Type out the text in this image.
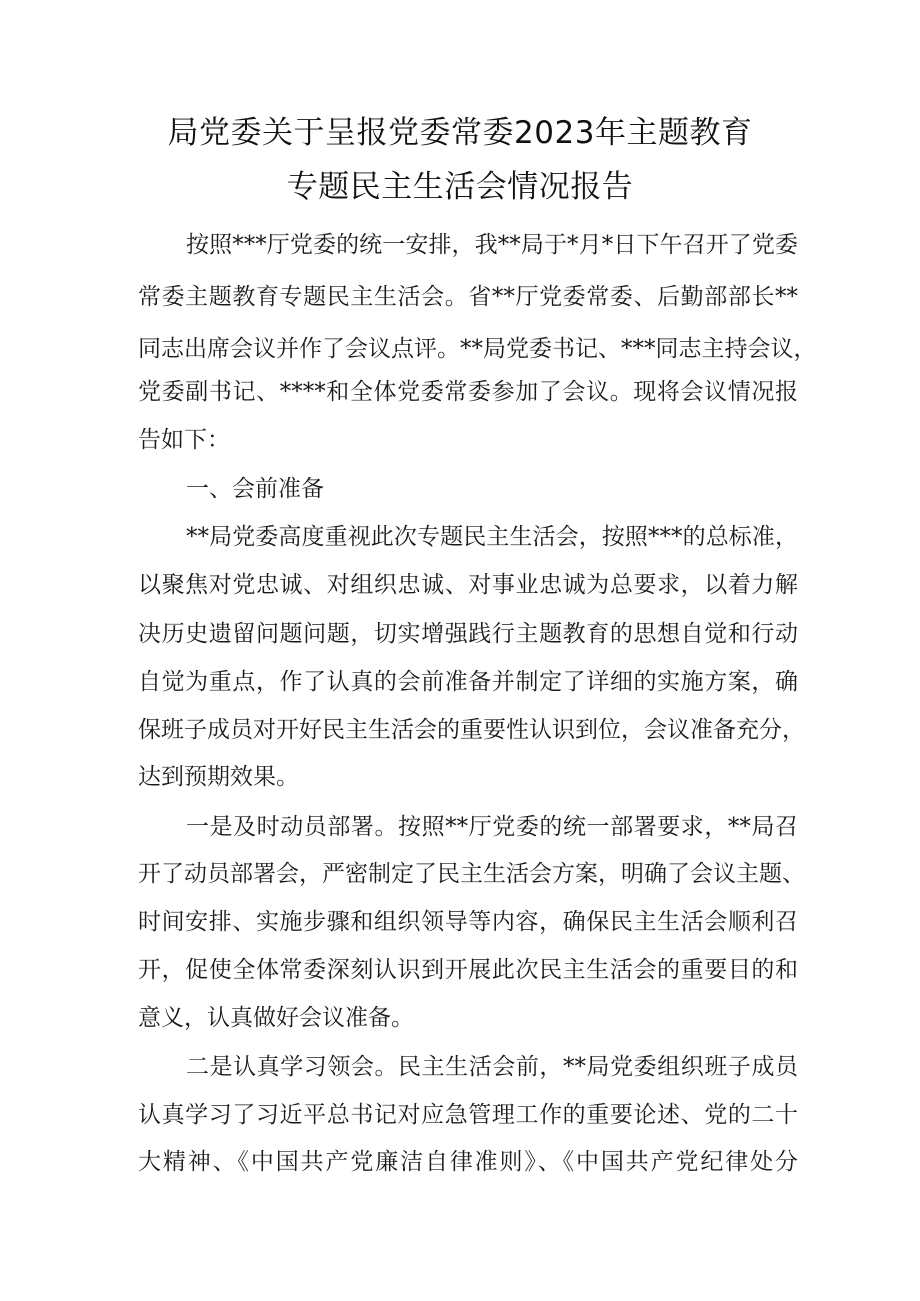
局党委关于呈报党委常委2023年主题教育
专题民主生活会情况报告
按照***厅党委的统一安排，我**局于*月*日下午召开了党委
常委主题教育专题民主生活会。省**厅党委常委、后勤部部长**
同志出席会议并作了会议点评。**局党委书记、***同志主持会议，
党委副书记、****和全体党委常委参加了会议。现将会议情况报
告如下：
一、会前准备
**局党委高度重视此次专题民主生活会，按照***的总标准，
以聚焦对党忠诚、对组织忠诚、对事业忠诚为总要求，以着力解
决历史遗留问题问题，切实增强践行主题教育的思想自觉和行动
自觉为重点，作了认真的会前准备并制定了详细的实施方案，确
保班子成员对开好民主生活会的重要性认识到位，会议准备充分，
达到预期效果。
一是及时动员部署。按照**厅党委的统一部署要求，**局召
开了动员部署会，严密制定了民主生活会方案，明确了会议主题、
时间安排、实施步骤和组织领导等内容，确保民主生活会顺利召
开，促使全体常委深刻认识到开展此次民主生活会的重要目的和
意义，认真做好会议准备。
二是认真学习领会。民主生活会前，**局党委组织班子成员
认真学习了习近平总书记对应急管理工作的重要论述、党的二十
大精神、《中国共产党廉洁自律准则》、《中国共产党纪律处分
